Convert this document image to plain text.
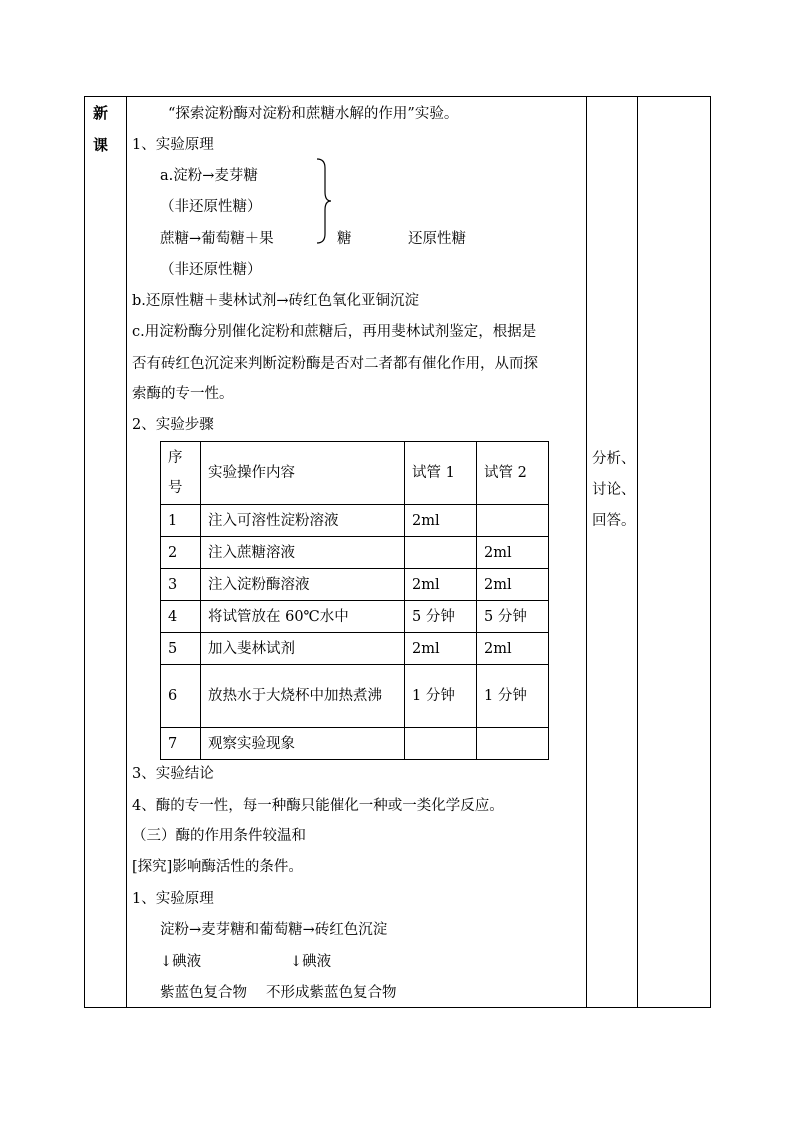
新
课
“探索淀粉酶对淀粉和蔗糖水解的作用”实验。
1、实验原理
a.淀粉→麦芽糖
（非还原性糖）
蔗糖→葡萄糖＋果	糖	还原性糖
（非还原性糖）
b.还原性糖＋斐林试剂→砖红色氧化亚铜沉淀
c.用淀粉酶分别催化淀粉和蔗糖后，再用斐林试剂鉴定，根据是
否有砖红色沉淀来判断淀粉酶是否对二者都有催化作用，从而探
索酶的专一性。
2、实验步骤
序号	实验操作内容	试管 1	试管 2
1	注入可溶性淀粉溶液	2ml	
2	注入蔗糖溶液		2ml
3	注入淀粉酶溶液	2ml	2ml
4	将试管放在 60℃水中	5 分钟	5 分钟
5	加入斐林试剂	2ml	2ml
6	放热水于大烧杯中加热煮沸	1 分钟	1 分钟
7	观察实验现象		
分析、
讨论、
回答。
3、实验结论
4、酶的专一性，每一种酶只能催化一种或一类化学反应。
（三）酶的作用条件较温和
[探究]影响酶活性的条件。
1、实验原理
淀粉→麦芽糖和葡萄糖→砖红色沉淀
↓碘液	↓碘液
紫蓝色复合物 不形成紫蓝色复合物
